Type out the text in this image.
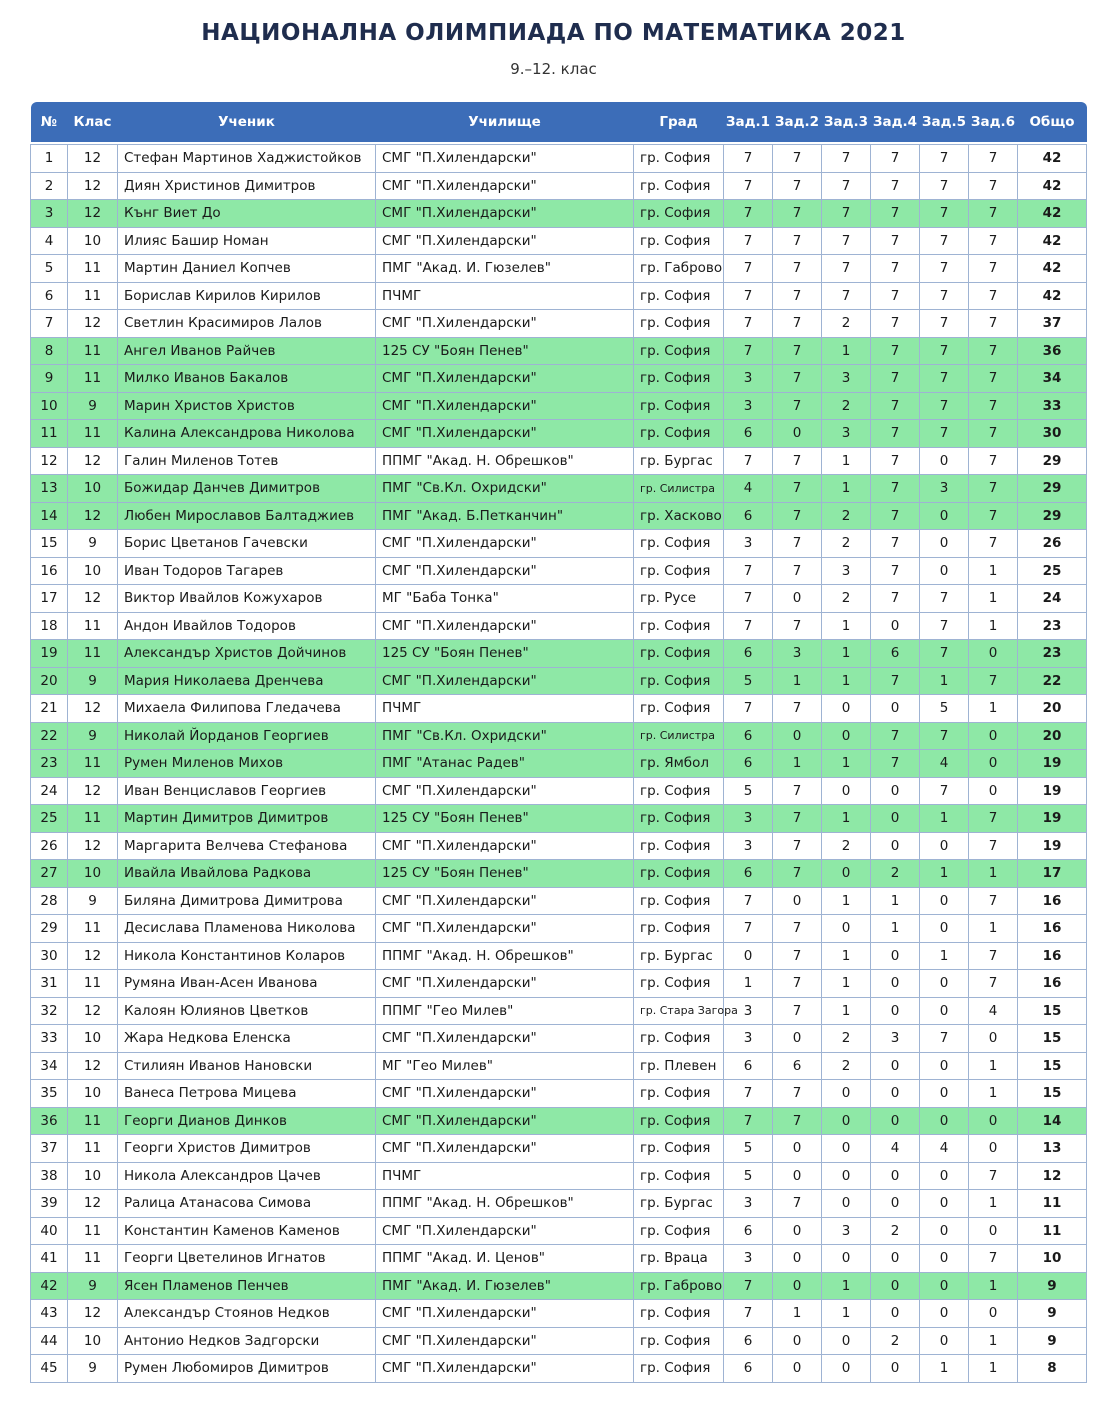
НАЦИОНАЛНА ОЛИМПИАДА ПО МАТЕМАТИКА 2021
9.–12. клас
№	Клас	Ученик	Училище	Град	Зад.1	Зад.2	Зад.3	Зад.4	Зад.5	Зад.6	Общо

1	12	Стефан Мартинов Хаджистойков	СМГ "П.Хилендарски"	гр. София	7	7	7	7	7	7	42
2	12	Диян Христинов Димитров	СМГ "П.Хилендарски"	гр. София	7	7	7	7	7	7	42
3	12	Кънг Виет До	СМГ "П.Хилендарски"	гр. София	7	7	7	7	7	7	42
4	10	Илияс Башир Номан	СМГ "П.Хилендарски"	гр. София	7	7	7	7	7	7	42
5	11	Мартин Даниел Копчев	ПМГ "Акад. И. Гюзелев"	гр. Габрово	7	7	7	7	7	7	42
6	11	Борислав Кирилов Кирилов	ПЧМГ	гр. София	7	7	7	7	7	7	42
7	12	Светлин Красимиров Лалов	СМГ "П.Хилендарски"	гр. София	7	7	2	7	7	7	37
8	11	Ангел Иванов Райчев	125 СУ "Боян Пенев"	гр. София	7	7	1	7	7	7	36
9	11	Милко Иванов Бакалов	СМГ "П.Хилендарски"	гр. София	3	7	3	7	7	7	34
10	9	Марин Христов Христов	СМГ "П.Хилендарски"	гр. София	3	7	2	7	7	7	33
11	11	Калина Александрова Николова	СМГ "П.Хилендарски"	гр. София	6	0	3	7	7	7	30
12	12	Галин Миленов Тотев	ППМГ "Акад. Н. Обрешков"	гр. Бургас	7	7	1	7	0	7	29
13	10	Божидар Данчев Димитров	ПМГ "Св.Кл. Охридски"	гр. Силистра	4	7	1	7	3	7	29
14	12	Любен Мирославов Балтаджиев	ПМГ "Акад. Б.Петканчин"	гр. Хасково	6	7	2	7	0	7	29
15	9	Борис Цветанов Гачевски	СМГ "П.Хилендарски"	гр. София	3	7	2	7	0	7	26
16	10	Иван Тодоров Тагарев	СМГ "П.Хилендарски"	гр. София	7	7	3	7	0	1	25
17	12	Виктор Ивайлов Кожухаров	МГ "Баба Тонка"	гр. Русе	7	0	2	7	7	1	24
18	11	Андон Ивайлов Тодоров	СМГ "П.Хилендарски"	гр. София	7	7	1	0	7	1	23
19	11	Александър Христов Дойчинов	125 СУ "Боян Пенев"	гр. София	6	3	1	6	7	0	23
20	9	Мария Николаева Дренчева	СМГ "П.Хилендарски"	гр. София	5	1	1	7	1	7	22
21	12	Михаела Филипова Гледачева	ПЧМГ	гр. София	7	7	0	0	5	1	20
22	9	Николай Йорданов Георгиев	ПМГ "Св.Кл. Охридски"	гр. Силистра	6	0	0	7	7	0	20
23	11	Румен Миленов Михов	ПМГ "Атанас Радев"	гр. Ямбол	6	1	1	7	4	0	19
24	12	Иван Венциславов Георгиев	СМГ "П.Хилендарски"	гр. София	5	7	0	0	7	0	19
25	11	Мартин Димитров Димитров	125 СУ "Боян Пенев"	гр. София	3	7	1	0	1	7	19
26	12	Маргарита Велчева Стефанова	СМГ "П.Хилендарски"	гр. София	3	7	2	0	0	7	19
27	10	Ивайла Ивайлова Радкова	125 СУ "Боян Пенев"	гр. София	6	7	0	2	1	1	17
28	9	Биляна Димитрова Димитрова	СМГ "П.Хилендарски"	гр. София	7	0	1	1	0	7	16
29	11	Десислава Пламенова Николова	СМГ "П.Хилендарски"	гр. София	7	7	0	1	0	1	16
30	12	Никола Константинов Коларов	ППМГ "Акад. Н. Обрешков"	гр. Бургас	0	7	1	0	1	7	16
31	11	Румяна Иван-Асен Иванова	СМГ "П.Хилендарски"	гр. София	1	7	1	0	0	7	16
32	12	Калоян Юлиянов Цветков	ППМГ "Гео Милев"	гр. Стара Загора	3	7	1	0	0	4	15
33	10	Жара Недкова Еленска	СМГ "П.Хилендарски"	гр. София	3	0	2	3	7	0	15
34	12	Стилиян Иванов Нановски	МГ "Гео Милев"	гр. Плевен	6	6	2	0	0	1	15
35	10	Ванеса Петрова Мицева	СМГ "П.Хилендарски"	гр. София	7	7	0	0	0	1	15
36	11	Георги Дианов Динков	СМГ "П.Хилендарски"	гр. София	7	7	0	0	0	0	14
37	11	Георги Христов Димитров	СМГ "П.Хилендарски"	гр. София	5	0	0	4	4	0	13
38	10	Никола Александров Цачев	ПЧМГ	гр. София	5	0	0	0	0	7	12
39	12	Ралица Атанасова Симова	ППМГ "Акад. Н. Обрешков"	гр. Бургас	3	7	0	0	0	1	11
40	11	Константин Каменов Каменов	СМГ "П.Хилендарски"	гр. София	6	0	3	2	0	0	11
41	11	Георги Цветелинов Игнатов	ППМГ "Акад. И. Ценов"	гр. Враца	3	0	0	0	0	7	10
42	9	Ясен Пламенов Пенчев	ПМГ "Акад. И. Гюзелев"	гр. Габрово	7	0	1	0	0	1	9
43	12	Александър Стоянов Недков	СМГ "П.Хилендарски"	гр. София	7	1	1	0	0	0	9
44	10	Антонио Недков Задгорски	СМГ "П.Хилендарски"	гр. София	6	0	0	2	0	1	9
45	9	Румен Любомиров Димитров	СМГ "П.Хилендарски"	гр. София	6	0	0	0	1	1	8
